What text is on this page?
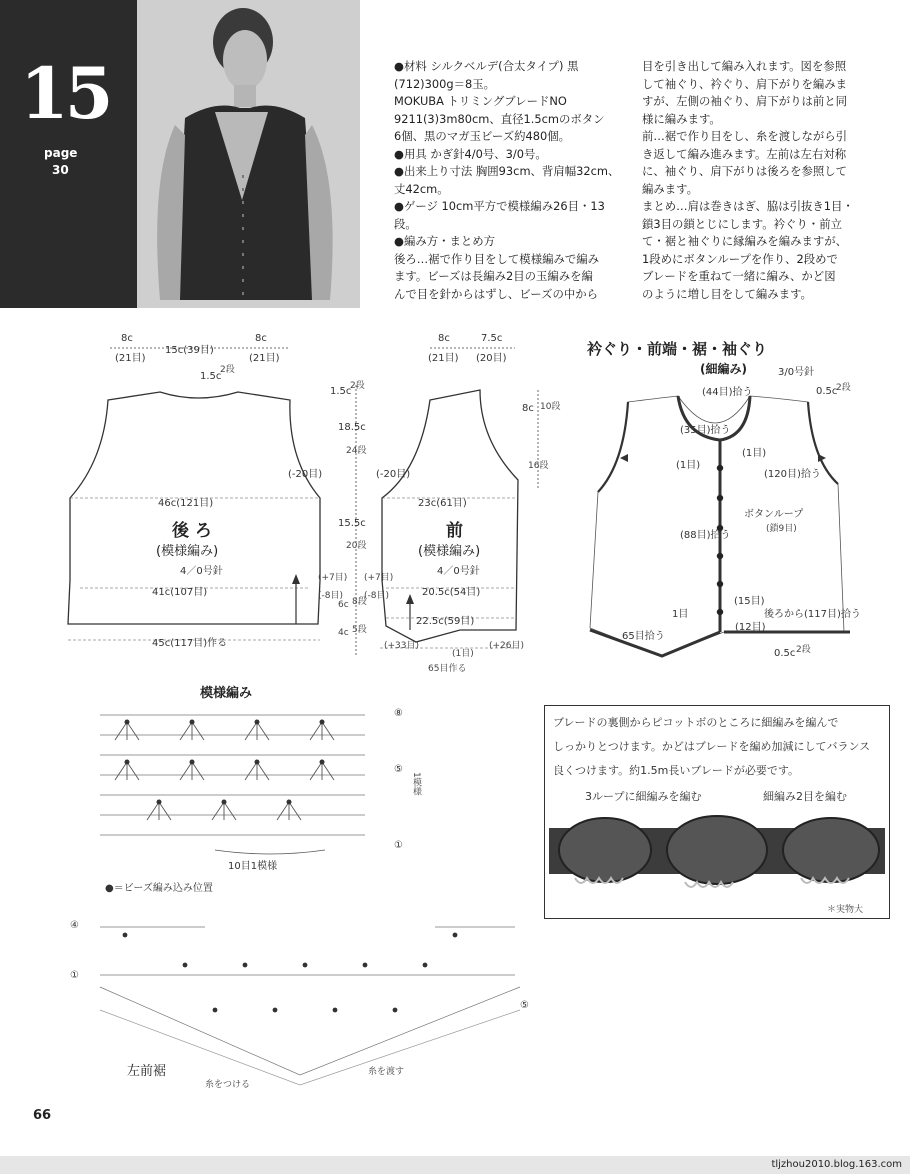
15
page
30

●材料 シルクベルデ(合太タイプ) 黒

(712)300g＝8玉。

MOKUBA トリミングブレードNO

9211(3)3m80cm、直径1.5cmのボタン

6個、黒のマガ玉ビーズ約480個。

●用具 かぎ針4/0号、3/0号。

●出来上り寸法 胸囲93cm、背肩幅32cm、

丈42cm。

●ゲージ 10cm平方で模様編み26目・13

段。

●編み方・まとめ方

後ろ…裾で作り目をして模様編みで編み

ます。ビーズは長編み2目の玉編みを編

んで目を針からはずし、ビーズの中から

目を引き出して編み入れます。図を参照

して袖ぐり、衿ぐり、肩下がりを編みま

すが、左側の袖ぐり、肩下がりは前と同

様に編みます。

前…裾で作り目をし、糸を渡しながら引

き返して編み進みます。左前は左右対称

に、袖ぐり、肩下がりは後ろを参照して

編みます。

まとめ…肩は巻きはぎ、脇は引抜き1目・

鎖3目の鎖とじにします。衿ぐり・前立

て・裾と袖ぐりに縁編みを編みますが、

1段めにボタンループを作り、2段めで

ブレードを重ねて一緒に編み、かど図

のように増し目をして編みます。

8c
(21目)
15c(39目)
8c
(21目)
1.5c
2段
(-20目)
46c(121目)
後 ろ
(模様編み)
4／0号針
41c(107目)
45c(117目)作る
8c
(21目)
7.5c
(20目)
1.5c
2段
18.5c
24段
8c 10段
(-20目)
16段
23c(61目)
15.5c
20段
前
(模様編み)
4／0号針
(+7目) (+7目)
(-8目) (-8目)	20.5c(54目)
6c 8段
22.5c(59目)
4c 5段
(+33目)
(1目)
(+26目)
65目作る
衿ぐり・前端・裾・袖ぐり
(細編み)	3/0号針
(44目)拾う	0.5c
2段
(35目)拾う
(1目)
(1目)
(120目)拾う
ボタンループ
(鎖9目)
(88目)拾う
(15目)
1目	後ろから(117目)拾う
(12目)
65目拾う
0.5c 2段
模様編み
⑧
⑤
①
1模様
10目1模様
●＝ビーズ編み込み位置
④
①
⑤
左前裾
糸をつける
糸を渡す
ブレードの裏側からピコットボのところに細編みを編んで
しっかりとつけます。かどはブレードを編め加減にしてバランス
良くつけます。約1.5m長いブレードが必要です。
3ループに細編みを編む	細編み2目を編む
＊実物大
66
tljzhou2010.blog.163.com
